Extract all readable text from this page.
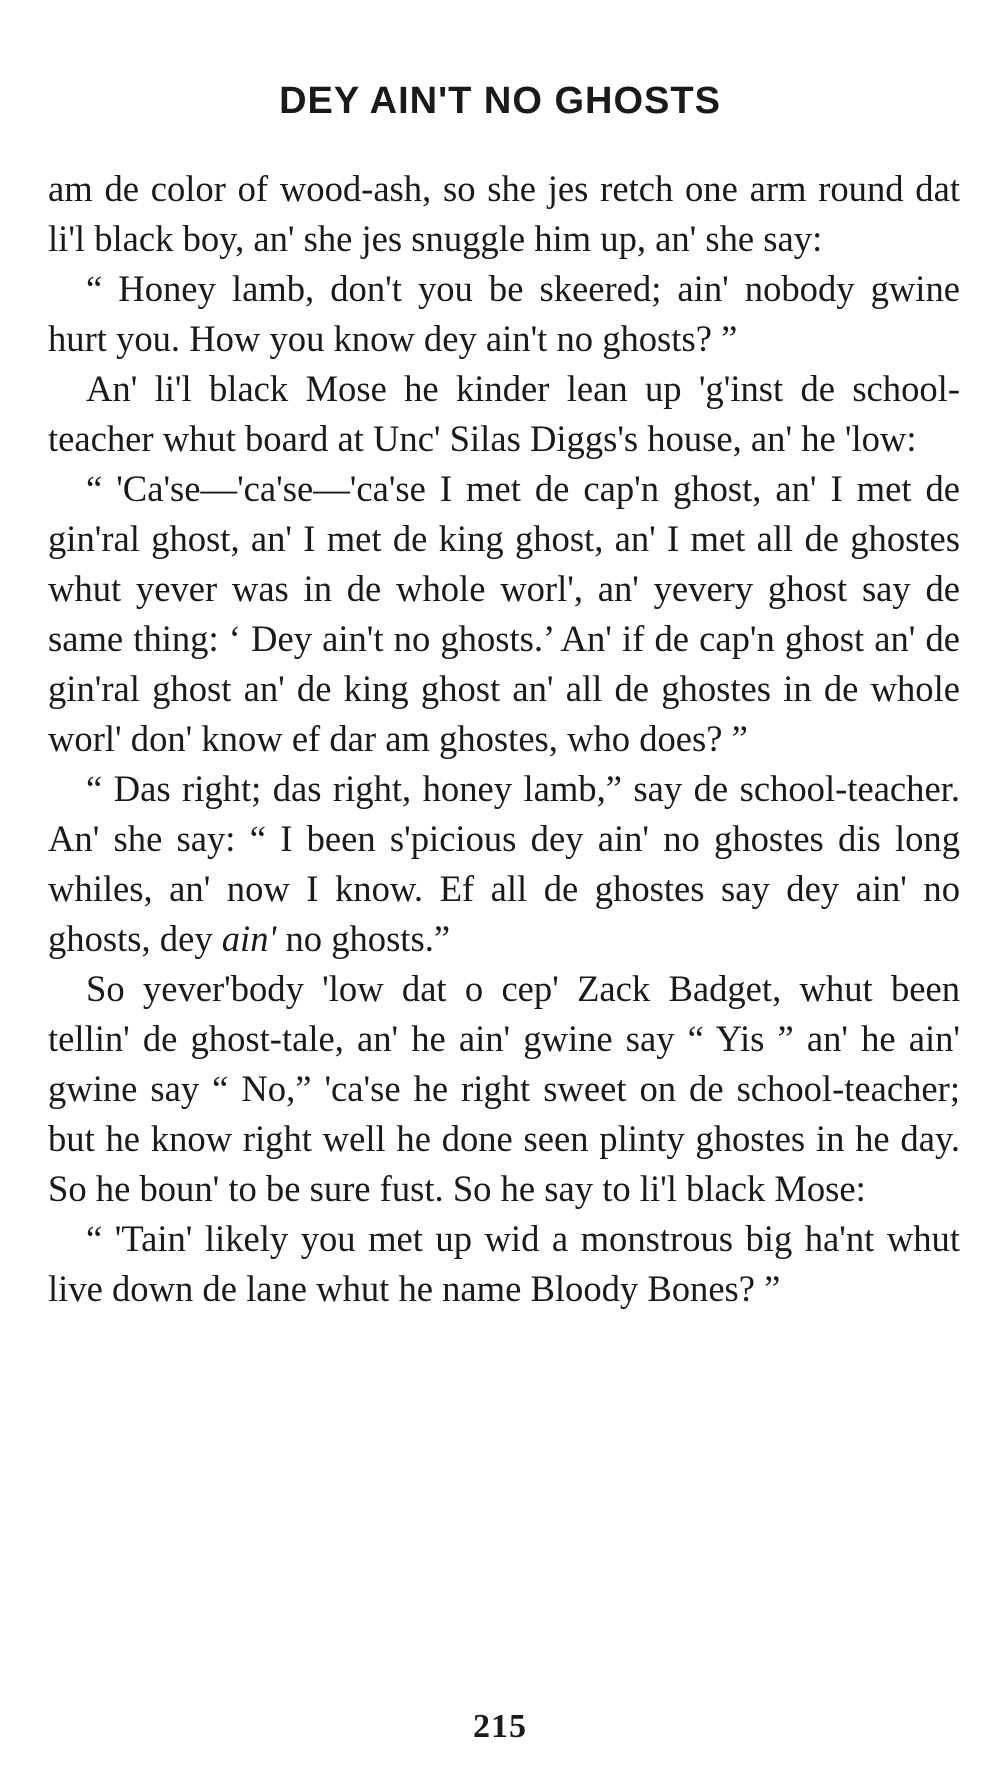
DEY AIN'T NO GHOSTS

am de color of wood-ash, so she jes retch one arm round dat li'l black boy, an' she jes snuggle him up, an' she say:

“ Honey lamb, don't you be skeered; ain' nobody gwine hurt you. How you know dey ain't no ghosts? ”

An' li'l black Mose he kinder lean up 'g'inst de school-teacher whut board at Unc' Silas Diggs's house, an' he 'low:

“ 'Ca'se—'ca'se—'ca'se I met de cap'n ghost, an' I met de gin'ral ghost, an' I met de king ghost, an' I met all de ghostes whut yever was in de whole worl', an' yevery ghost say de same thing: ‘ Dey ain't no ghosts.’ An' if de cap'n ghost an' de gin'ral ghost an' de king ghost an' all de ghostes in de whole worl' don' know ef dar am ghostes, who does? ”

“ Das right; das right, honey lamb,” say de school-teacher. An' she say: “ I been s'picious dey ain' no ghostes dis long whiles, an' now I know. Ef all de ghostes say dey ain' no ghosts, dey ain' no ghosts.”

So yever'body 'low dat o cep' Zack Badget, whut been tellin' de ghost-tale, an' he ain' gwine say “ Yis ” an' he ain' gwine say “ No,” 'ca'se he right sweet on de school-teacher; but he know right well he done seen plinty ghostes in he day. So he boun' to be sure fust. So he say to li'l black Mose:

“ 'Tain' likely you met up wid a monstrous big ha'nt whut live down de lane whut he name Bloody Bones? ”

215
